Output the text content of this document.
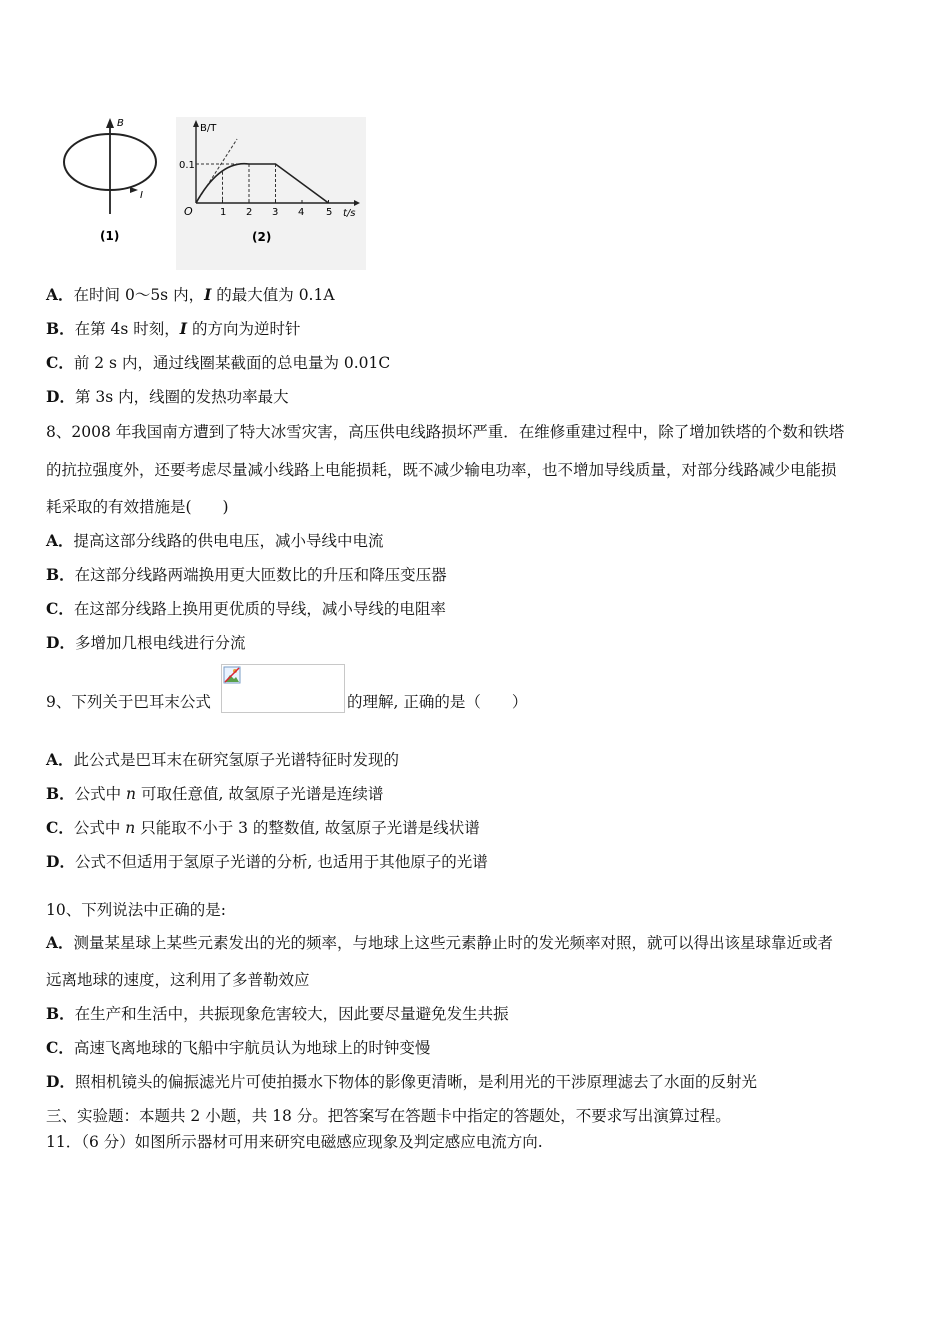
B
I
(1)
B/T
t/s
O
0.1
1 2 3 4 5
(2)
A．在时间 0～5s 内，I 的最大值为 0.1A
B．在第 4s 时刻，I 的方向为逆时针
C．前 2 s 内，通过线圈某截面的总电量为 0.01C
D．第 3s 内，线圈的发热功率最大
8、2008 年我国南方遭到了特大冰雪灾害，高压供电线路损坏严重．在维修重建过程中，除了增加铁塔的个数和铁塔
的抗拉强度外，还要考虑尽量减小线路上电能损耗，既不减少输电功率，也不增加导线质量，对部分线路减少电能损
耗采取的有效措施是(　　)
A．提高这部分线路的供电电压，减小导线中电流
B．在这部分线路两端换用更大匝数比的升压和降压变压器
C．在这部分线路上换用更优质的导线，减小导线的电阻率
D．多增加几根电线进行分流
9、下列关于巴耳末公式	的理解, 正确的是（　　）
A．此公式是巴耳末在研究氢原子光谱特征时发现的
B．公式中 n 可取任意值, 故氢原子光谱是连续谱
C．公式中 n 只能取不小于 3 的整数值, 故氢原子光谱是线状谱
D．公式不但适用于氢原子光谱的分析, 也适用于其他原子的光谱
10、下列说法中正确的是:
A．测量某星球上某些元素发出的光的频率，与地球上这些元素静止时的发光频率对照，就可以得出该星球靠近或者
远离地球的速度，这利用了多普勒效应
B．在生产和生活中，共振现象危害较大，因此要尽量避免发生共振
C．高速飞离地球的飞船中宇航员认为地球上的时钟变慢
D．照相机镜头的偏振滤光片可使拍摄水下物体的影像更清晰，是利用光的干涉原理滤去了水面的反射光
三、实验题：本题共 2 小题，共 18 分。把答案写在答题卡中指定的答题处，不要求写出演算过程。
11．（6 分）如图所示器材可用来研究电磁感应现象及判定感应电流方向.
